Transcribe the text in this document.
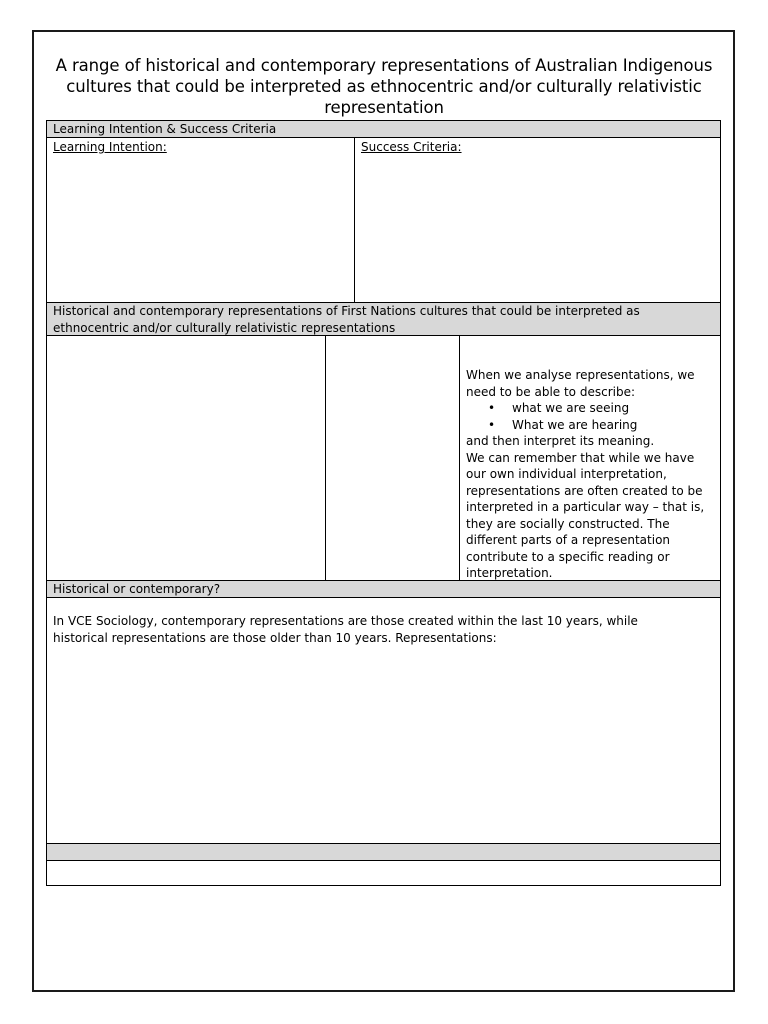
A range of historical and contemporary representations of Australian Indigenous cultures that could be interpreted as ethnocentric and/or culturally relativistic representation
Learning Intention & Success Criteria
Learning Intention:	Success Criteria:
Historical and contemporary representations of First Nations cultures that could be interpreted as ethnocentric and/or culturally relativistic representations

When we analyse representations, we need to be able to describe:

• what we are seeing
• What we are hearing

and then interpret its meaning.

We can remember that while we have our own individual interpretation, representations are often created to be interpreted in a particular way – that is, they are socially constructed. The different parts of a representation contribute to a specific reading or interpretation.

Historical or contemporary?
In VCE Sociology, contemporary representations are those created within the last 10 years, while historical representations are those older than 10 years. Representations:
